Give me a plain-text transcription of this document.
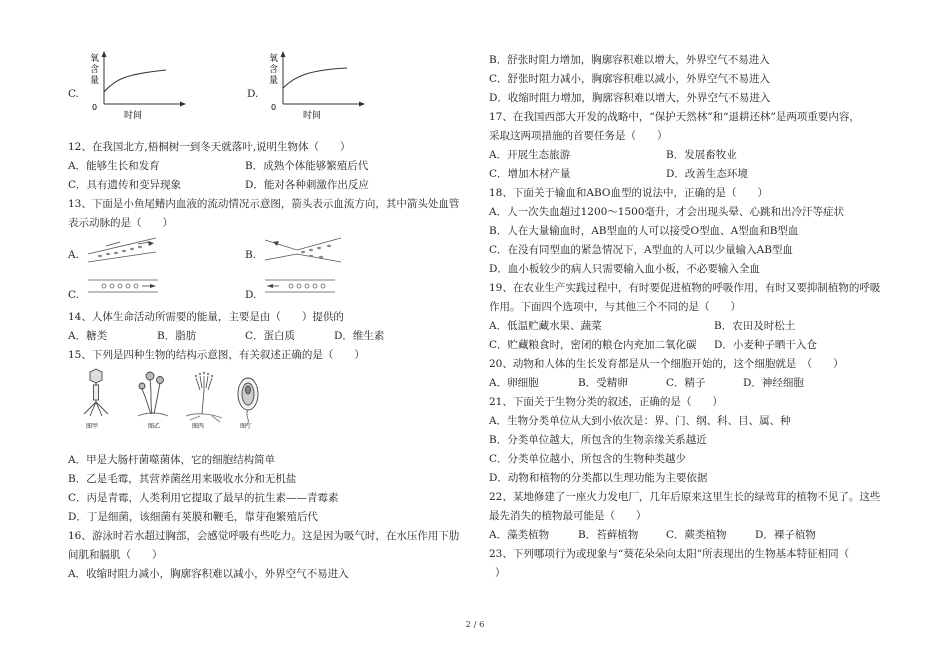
C.
氧
含
量
0
时间
D.
氧
含
量
0
时间
12、在我国北方,梧桐树一到冬天就落叶,说明生物体（　　）
A．能够生长和发育	B．成熟个体能够繁殖后代
C．具有遗传和变异现象	D．能对各种刺激作出反应
13、下面是小鱼尾鳍内血液的流动情况示意图，箭头表示血流方向，其中箭头处血管
表示动脉的是（　　）
A.	B.
C.	D.
14、人体生命活动所需要的能量，主要是由（　　）提供的
A．糖类	B．脂肪	C．蛋白质	D．维生素
15、下列是四种生物的结构示意图，有关叙述正确的是（　　）
图甲	图乙	图丙	图丁
A．甲是大肠杆菌噬菌体，它的细胞结构简单
B．乙是毛霉，其营养菌丝用来吸收水分和无机盐
C．丙是青霉，人类利用它提取了最早的抗生素——青霉素
D．丁是细菌，该细菌有荚膜和鞭毛，靠芽孢繁殖后代
16、游泳时若水超过胸部，会感觉呼吸有些吃力。这是因为吸气时，在水压作用下肋
间肌和膈肌（　　）
A．收缩时阻力减小，胸廓容积难以减小，外界空气不易进入
B．舒张时阻力增加，胸廓容积难以增大，外界空气不易进入
C．舒张时阻力减小，胸廓容积难以减小，外界空气不易进入
D．收缩时阻力增加，胸廓容积难以增大，外界空气不易进入
17、在我国西部大开发的战略中，“保护天然林”和“退耕还林”是两项重要内容，
采取这两项措施的首要任务是（　　）
A．开展生态旅游	B．发展畜牧业
C．增加木材产量	D．改善生态环境
18、下面关于输血和ABO血型的说法中，正确的是（　　）
A．人一次失血超过1200～1500毫升，才会出现头晕、心跳和出冷汗等症状
B．人在大量输血时，AB型血的人可以接受O型血、A型血和B型血
C．在没有同型血的紧急情况下，A型血的人可以少量输入AB型血
D．血小板较少的病人只需要输入血小板，不必要输入全血
19、在农业生产实践过程中，有时要促进植物的呼吸作用，有时又要抑制植物的呼吸
作用。下面四个选项中，与其他三个不同的是（　　）
A．低温贮藏水果、蔬菜	B．农田及时松土
C．贮藏粮食时，密闭的粮仓内充加二氧化碳 D．小麦种子晒干入仓
20、动物和人体的生长发育都是从一个细胞开始的，这个细胞就是　（　　）
A．卵细胞	B．受精卵	C．精子	D．神经细胞
21、下面关于生物分类的叙述，正确的是（　　）
A．生物分类单位从大到小依次是：界、门、纲、科、目、属、种
B．分类单位越大，所包含的生物亲缘关系越近
C．分类单位越小，所包含的生物种类越少
D．动物和植物的分类都以生理功能为主要依据
22、某地修建了一座火力发电厂，几年后原来这里生长的绿莺茸的植物不见了。这些
最先消失的植物最可能是（　　）
A．藻类植物	B．苔藓植物	C．蕨类植物	D．裸子植物
23、下列哪项行为或现象与“葵花朵朵向太阳”所表现出的生物基本特征相同（
）
2 / 6
